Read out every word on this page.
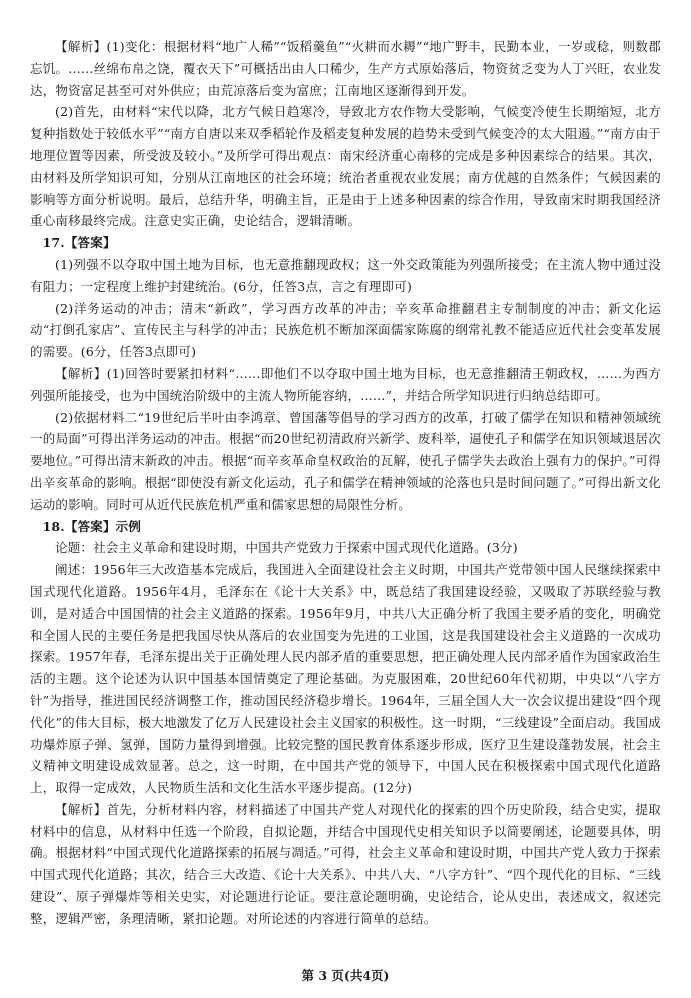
【解析】(1)变化：根据材料“地广人稀”“饭稻羹鱼”“火耕而水耨”“地广野丰，民勤本业，一岁或稔，则数郡忘饥。……丝绵布帛之饶，覆衣天下”可概括出由人口稀少，生产方式原始落后，物资贫乏变为人丁兴旺，农业发达，物资富足甚至可对外供应；由荒凉落后变为富庶；江南地区逐渐得到开发。

(2)首先，由材料“宋代以降，北方气候日趋寒冷，导致北方农作物大受影响，气候变冷使生长期缩短，北方复种指数处于较低水平”“南方自唐以来双季稻轮作及稻麦复种发展的趋势未受到气候变冷的太大阻遏。”“南方由于地理位置等因素，所受波及较小。”及所学可得出观点：南宋经济重心南移的完成是多种因素综合的结果。其次，由材料及所学知识可知，分别从江南地区的社会环境；统治者重视农业发展；南方优越的自然条件；气候因素的影响等方面分析说明。最后，总结升华，明确主旨，正是由于上述多种因素的综合作用，导致南宋时期我国经济重心南移最终完成。注意史实正确，史论结合，逻辑清晰。

17.【答案】

(1)列强不以夺取中国土地为目标，也无意推翻现政权；这一外交政策能为列强所接受；在主流人物中通过没有阻力；一定程度上维护封建统治。(6分，任答3点，言之有理即可)

(2)洋务运动的冲击；清末“新政”，学习西方改革的冲击；辛亥革命推翻君主专制制度的冲击；新文化运动“打倒孔家店”、宣传民主与科学的冲击；民族危机不断加深面儒家陈腐的纲常礼教不能适应近代社会变革发展的需要。(6分，任答3点即可)

【解析】(1)回答时要紧扣材料“……即他们不以夺取中国土地为目标，也无意推翻清王朝政权，……为西方列强所能接受，也为中国统治阶级中的主流人物所能容纳，……”，并结合所学知识进行归纳总结即可。

(2)依据材料二“19世纪后半叶由李鸿章、曾国藩等倡导的学习西方的改革，打破了儒学在知识和精神领域统一的局面”可得出洋务运动的冲击。根据“而20世纪初清政府兴新学、废科举，逼使孔子和儒学在知识领域退居次要地位。”可得出清末新政的冲击。根据“而辛亥革命皇权政治的瓦解，使孔子儒学失去政治上强有力的保护。”可得出辛亥革命的影响。根据“即使没有新文化运动，孔子和儒学在精神领域的沦落也只是时间问题了。”可得出新文化运动的影响。同时可从近代民族危机严重和儒家思想的局限性分析。

18.【答案】示例

论题：社会主义革命和建设时期，中国共产党致力于探索中国式现代化道路。(3分)

阐述：1956年三大改造基本完成后，我国进入全面建设社会主义时期，中国共产党带领中国人民继续探索中国式现代化道路。1956年4月，毛泽东在《论十大关系》中，既总结了我国建设经验，又吸取了苏联经验与教训，是对适合中国国情的社会主义道路的探索。1956年9月，中共八大正确分析了我国主要矛盾的变化，明确党和全国人民的主要任务是把我国尽快从落后的农业国变为先进的工业国，这是我国建设社会主义道路的一次成功探索。1957年春，毛泽东提出关于正确处理人民内部矛盾的重要思想，把正确处理人民内部矛盾作为国家政治生活的主题。这个论述为认识中国基本国情奠定了理论基础。为克服困难，20世纪60年代初期，中央以“八字方针”为指导，推进国民经济调整工作，推动国民经济稳步增长。1964年，三届全国人大一次会议提出建设“四个现代化”的伟大目标，极大地激发了亿万人民建设社会主义国家的积极性。这一时期，“三线建设”全面启动。我国成功爆炸原子弹、氢弹，国防力量得到增强。比较完整的国民教育体系逐步形成，医疗卫生建设蓬勃发展，社会主义精神文明建设成效显著。总之，这一时期，在中国共产党的领导下，中国人民在积极探索中国式现代化道路上，取得一定成效，人民物质生活和文化生活水平逐步提高。(12分)

【解析】首先，分析材料内容，材料描述了中国共产党人对现代化的探索的四个历史阶段，结合史实，提取材料中的信息，从材料中任选一个阶段，自拟论题，并结合中国现代史相关知识予以简要阐述，论题要具体，明确。根据材料“中国式现代化道路探索的拓展与凋适。”可得，社会主义革命和建设时期，中国共产党人致力于探索中国式现代化道路；其次，结合三大改造、《论十大关系》、中共八大、“八字方针”、“四个现代化的目标、“三线建设”、原子弹爆炸等相关史实，对论题进行论证。要注意论题明确，史论结合，论从史出，表述成文，叙述完整，逻辑严密，条理清晰，紧扣论题。对所论述的内容进行简单的总结。

第 3 页(共4页)
